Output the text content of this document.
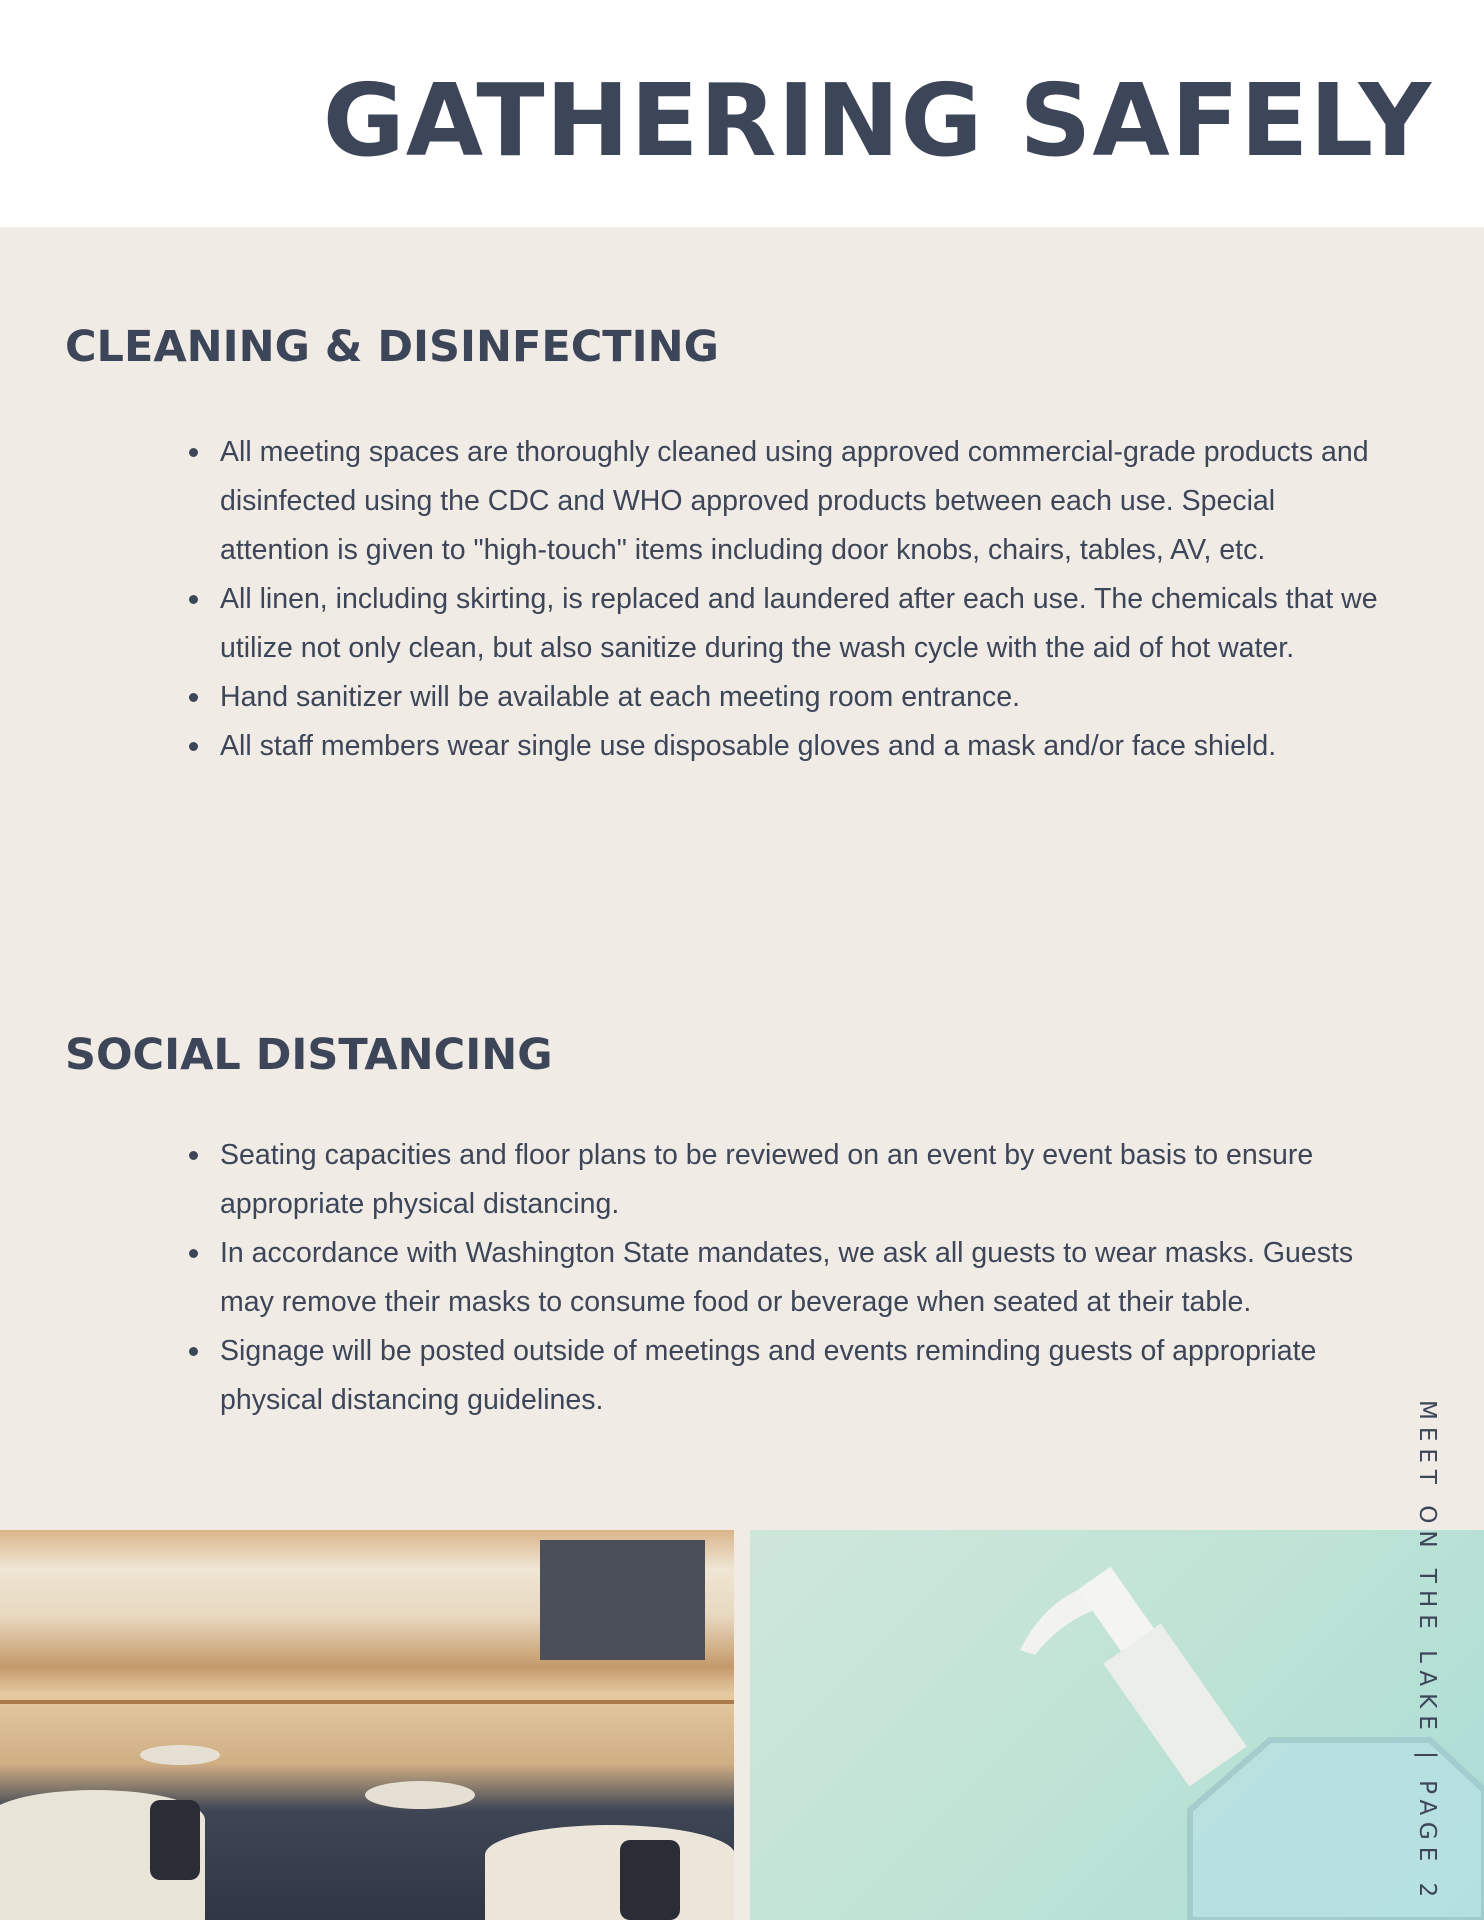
GATHERING SAFELY
CLEANING & DISINFECTING
All meeting spaces are thoroughly cleaned using approved commercial-grade products and disinfected using the CDC and WHO approved products between each use. Special attention is given to "high-touch" items including door knobs, chairs, tables, AV, etc.
All linen, including skirting, is replaced and laundered after each use. The chemicals that we utilize not only clean, but also sanitize during the wash cycle with the aid of hot water.
Hand sanitizer will be available at each meeting room entrance.
All staff members wear single use disposable gloves and a mask and/or face shield.
SOCIAL DISTANCING
Seating capacities and floor plans to be reviewed on an event by event basis to ensure appropriate physical distancing.
In accordance with Washington State mandates, we ask all guests to wear masks. Guests may remove their masks to consume food or beverage when seated at their table.
Signage will be posted outside of meetings and events reminding guests of appropriate physical distancing guidelines.	MEET ON THE LAKE | PAGE 2
